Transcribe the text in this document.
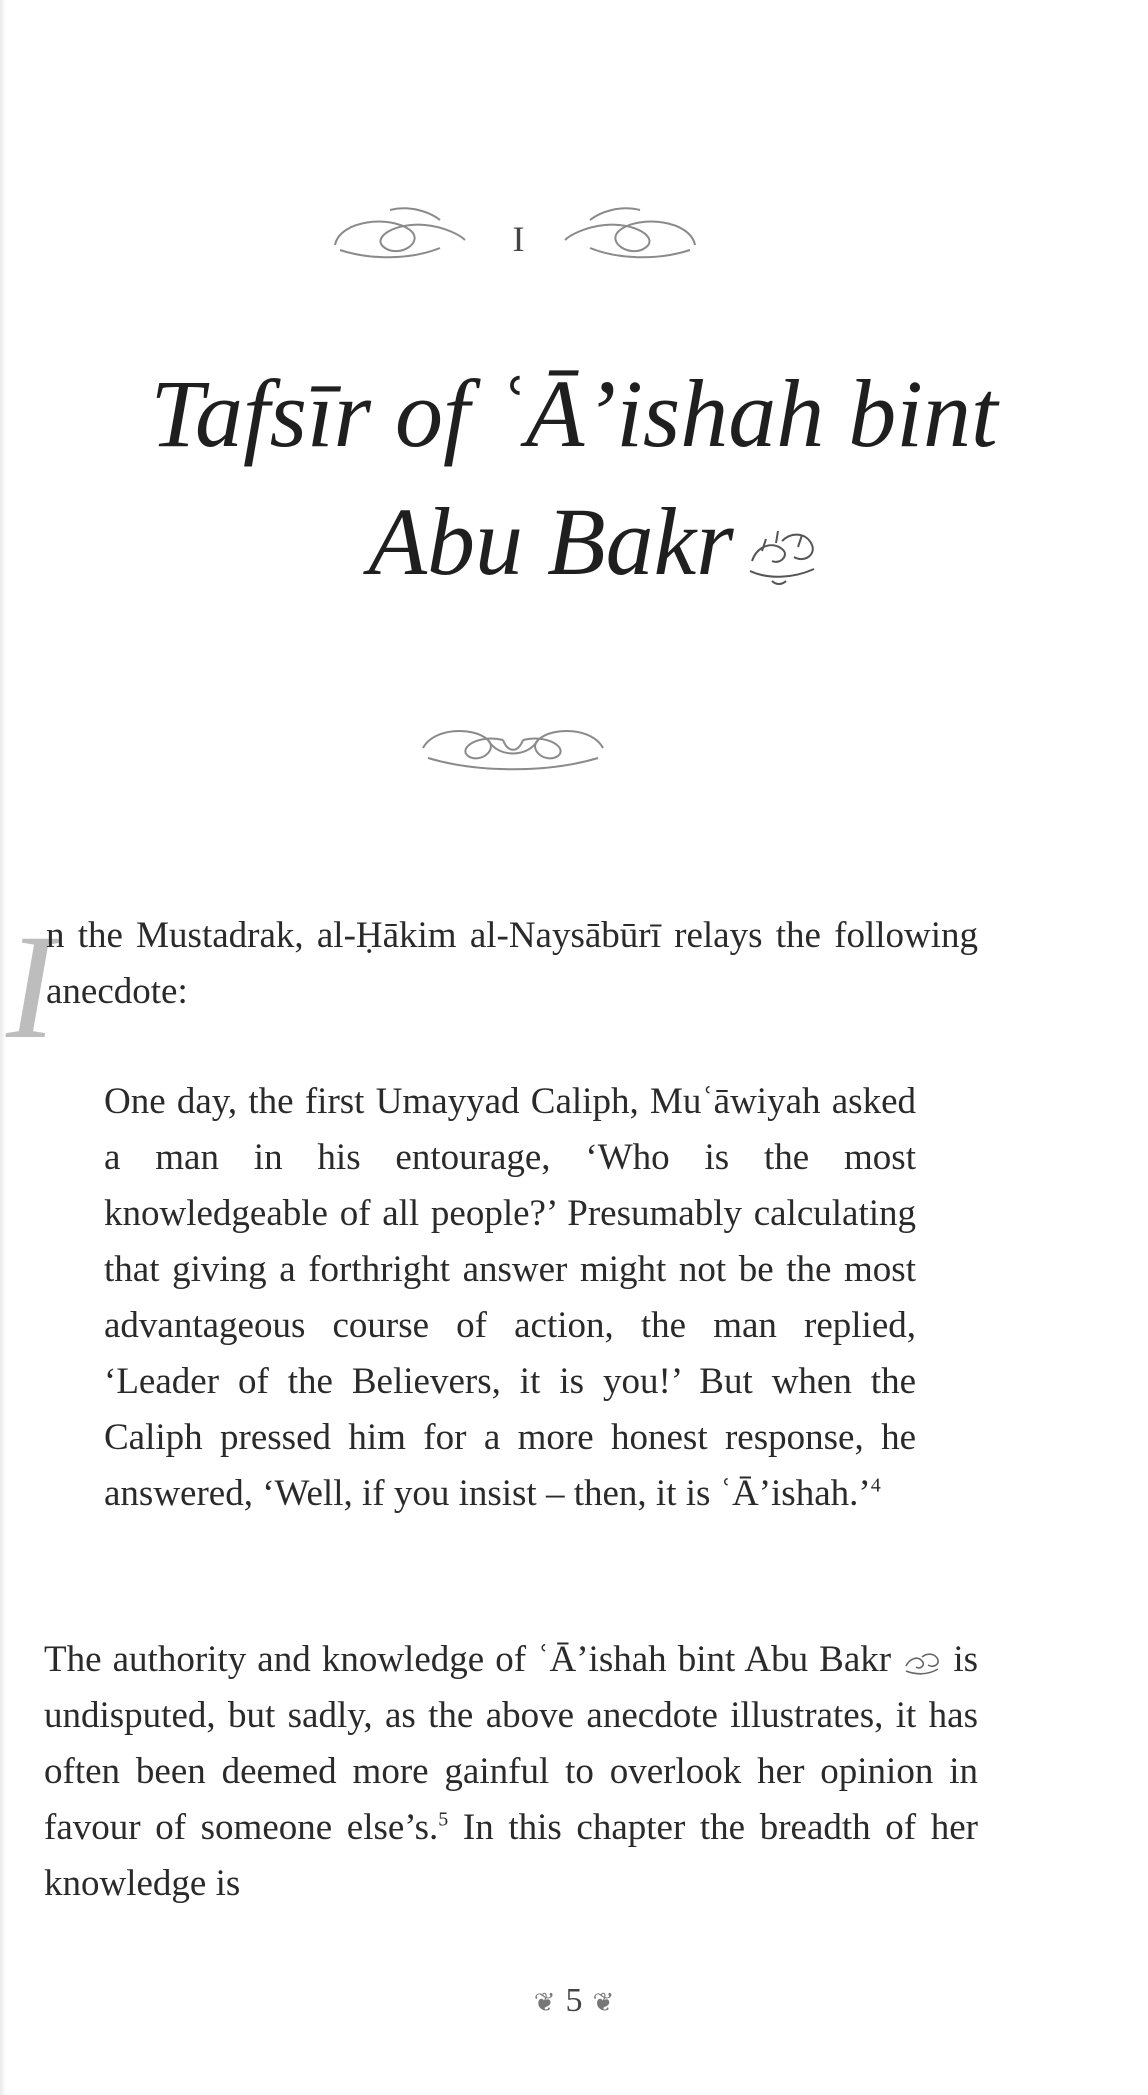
I
Tafsīr of ʿĀ’ishah bint
Abu Bakr
I

n the Mustadrak, al-Ḥākim al-Naysābūrī relays the following anecdote:

One day, the first Umayyad Caliph, Muʿāwiyah asked a man in his entourage, ‘Who is the most knowledgeable of all people?’ Presumably calculating that giving a forthright answer might not be the most advantageous course of action, the man replied, ‘Leader of the Believers, it is you!’ But when the Caliph pressed him for a more honest response, he answered, ‘Well, if you insist – then, it is ʿĀ’ishah.’$^4$

The authority and knowledge of ʿĀ’ishah bint Abu Bakr is undisputed, but sadly, as the above anecdote illustrates, it has often been deemed more gainful to overlook her opinion in favour of someone else’s.$^5$ In this chapter the breadth of her knowledge is

❦ 5 ❦
